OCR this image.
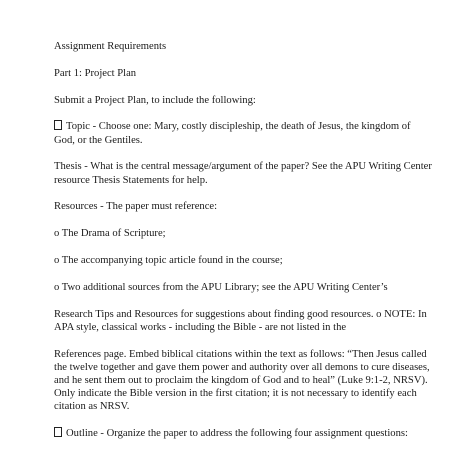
Assignment Requirements

Part 1: Project Plan

Submit a Project Plan, to include the following:

Topic - Choose one: Mary, costly discipleship, the death of Jesus, the kingdom of God, or the Gentiles.

Thesis - What is the central message/argument of the paper? See the APU Writing Center resource Thesis Statements for help.

Resources - The paper must reference:

o The Drama of Scripture;

o The accompanying topic article found in the course;

o Two additional sources from the APU Library; see the APU Writing Center’s

Research Tips and Resources for suggestions about finding good resources. o NOTE: In APA style, classical works - including the Bible - are not listed in the

References page. Embed biblical citations within the text as follows: “Then Jesus called the twelve together and gave them power and authority over all demons to cure diseases, and he sent them out to proclaim the kingdom of God and to heal” (Luke 9:1-2, NRSV). Only indicate the Bible version in the first citation; it is not necessary to identify each citation as NRSV.

Outline - Organize the paper to address the following four assignment questions:
